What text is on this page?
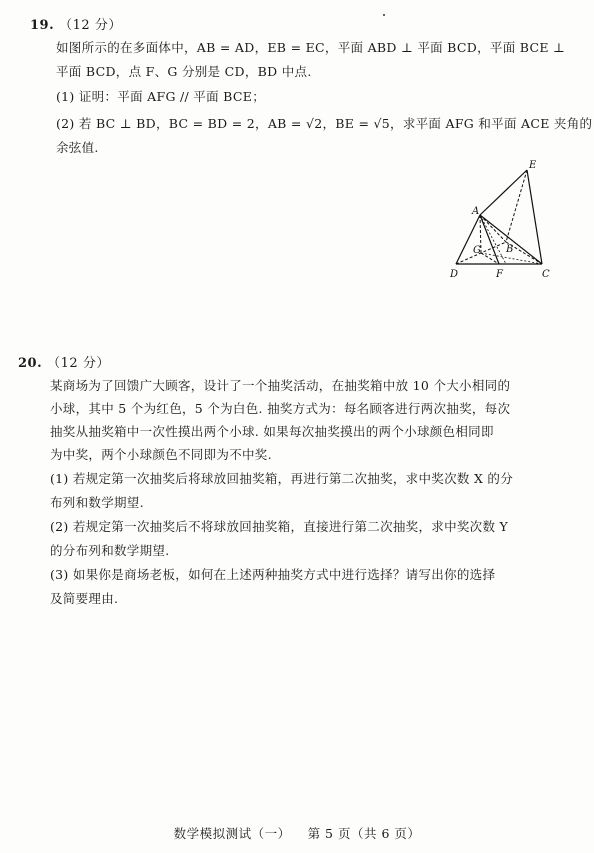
19. （12 分）
如图所示的在多面体中，AB = AD，EB = EC，平面 ABD ⊥ 平面 BCD，平面 BCE ⊥
平面 BCD，点 F、G 分别是 CD，BD 中点.
(1) 证明：平面 AFG // 平面 BCE；
(2) 若 BC ⊥ BD，BC = BD = 2，AB = √2，BE = √5，求平面 AFG 和平面 ACE 夹角的
余弦值.
E
A
G	B
D	F	C
20. （12 分）
某商场为了回馈广大顾客，设计了一个抽奖活动，在抽奖箱中放 10 个大小相同的
小球，其中 5 个为红色，5 个为白色. 抽奖方式为：每名顾客进行两次抽奖，每次
抽奖从抽奖箱中一次性摸出两个小球. 如果每次抽奖摸出的两个小球颜色相同即
为中奖，两个小球颜色不同即为不中奖.
(1) 若规定第一次抽奖后将球放回抽奖箱，再进行第二次抽奖，求中奖次数 X 的分
布列和数学期望.
(2) 若规定第一次抽奖后不将球放回抽奖箱，直接进行第二次抽奖，求中奖次数 Y
的分布列和数学期望.
(3) 如果你是商场老板，如何在上述两种抽奖方式中进行选择？请写出你的选择
及简要理由.
数学模拟测试（一） 第 5 页（共 6 页）
